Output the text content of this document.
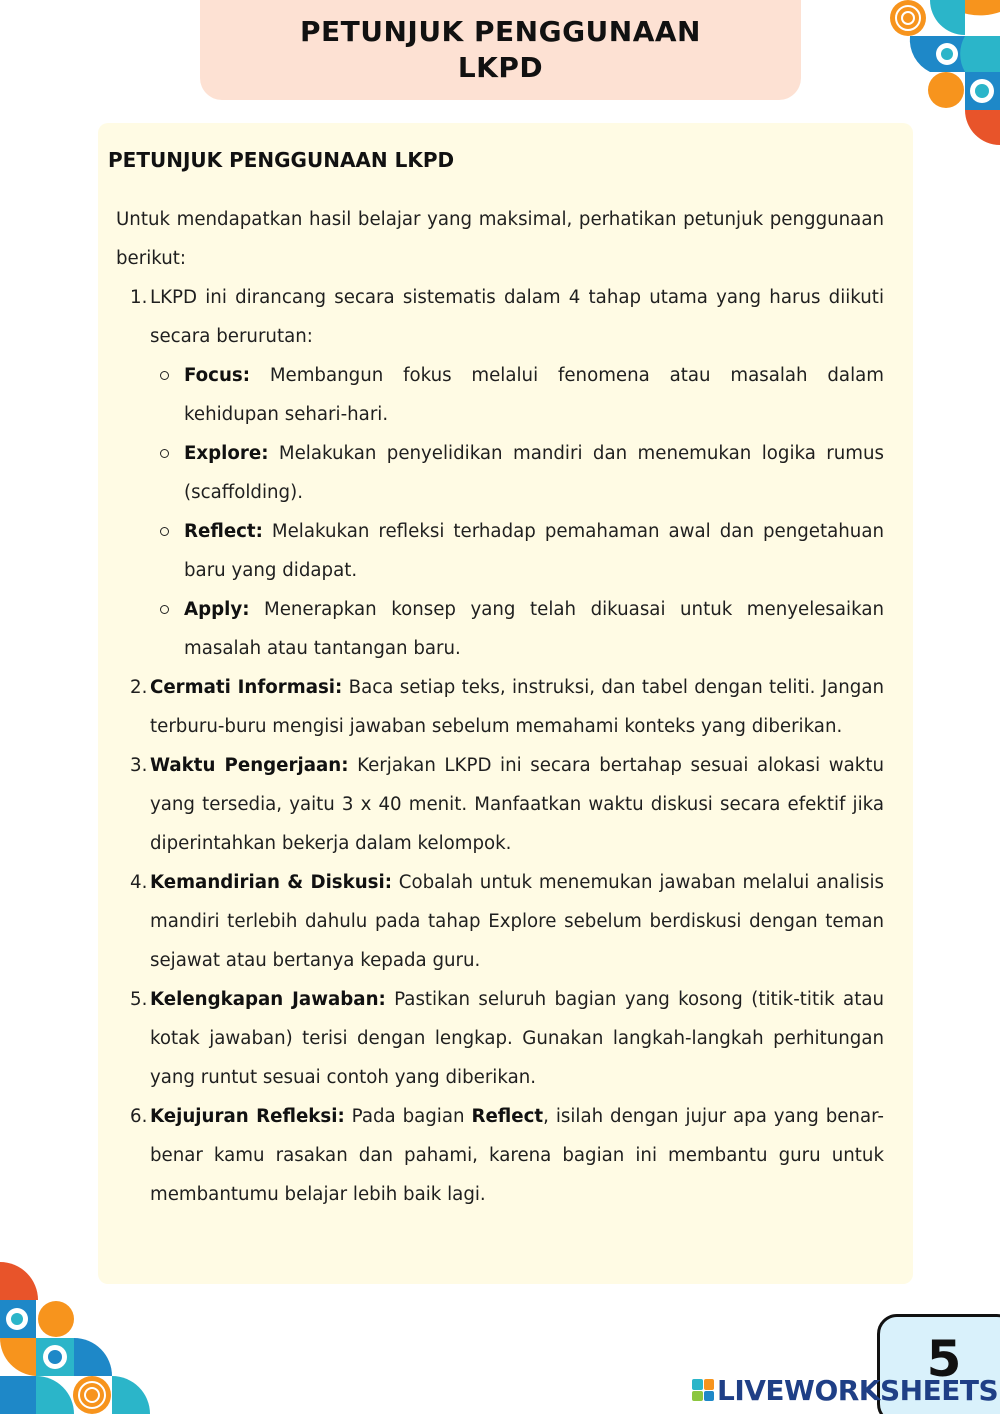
PETUNJUK PENGGUNAAN
LKPD
PETUNJUK PENGGUNAAN LKPD

Untuk mendapatkan hasil belajar yang maksimal, perhatikan petunjuk penggunaan berikut:

1. LKPD ini dirancang secara sistematis dalam 4 tahap utama yang harus diikuti secara berurutan:
Focus: Membangun fokus melalui fenomena atau masalah dalam kehidupan sehari-hari.
Explore: Melakukan penyelidikan mandiri dan menemukan logika rumus (scaffolding).
Reflect: Melakukan refleksi terhadap pemahaman awal dan pengetahuan baru yang didapat.
Apply: Menerapkan konsep yang telah dikuasai untuk menyelesaikan masalah atau tantangan baru.
2. Cermati Informasi: Baca setiap teks, instruksi, dan tabel dengan teliti. Jangan terburu-buru mengisi jawaban sebelum memahami konteks yang diberikan.
3. Waktu Pengerjaan: Kerjakan LKPD ini secara bertahap sesuai alokasi waktu yang tersedia, yaitu 3 x 40 menit. Manfaatkan waktu diskusi secara efektif jika diperintahkan bekerja dalam kelompok.
4. Kemandirian & Diskusi: Cobalah untuk menemukan jawaban melalui analisis mandiri terlebih dahulu pada tahap Explore sebelum berdiskusi dengan teman sejawat atau bertanya kepada guru.
5. Kelengkapan Jawaban: Pastikan seluruh bagian yang kosong (titik-titik atau kotak jawaban) terisi dengan lengkap. Gunakan langkah-langkah perhitungan yang runtut sesuai contoh yang diberikan.
6. Kejujuran Refleksi: Pada bagian Reflect, isilah dengan jujur apa yang benar-benar kamu rasakan dan pahami, karena bagian ini membantu guru untuk membantumu belajar lebih baik lagi.
5
LIVEWORKSHEETS
